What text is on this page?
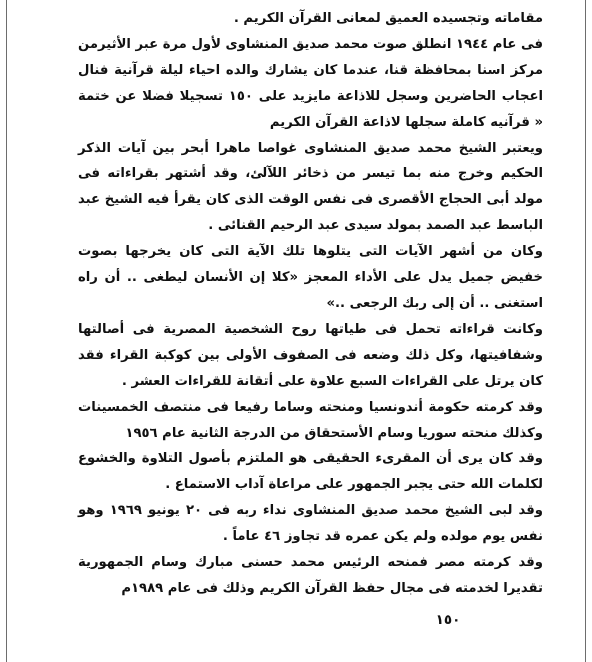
مقاماته وتجسيده العميق لمعانى القرآن الكريم .

فى عام ١٩٤٤ انطلق صوت محمد صديق المنشاوى لأول مرة عبر الأثيرمن مركز اسنا بمحافظة قنا، عندما كان يشارك والده احياء ليلة قرآنية فنال اعجاب الحاضرين وسجل للاذاعة مايزيد على ١٥٠ تسجيلا فضلا عن ختمة « قرآنيه كاملة سجلها لاذاعة القرآن الكريم

ويعتبر الشيخ محمد صديق المنشاوى غواصا ماهرا أبحر بين آيات الذكر الحكيم وخرج منه بما تيسر من ذخائر اللآلئ، وقد أشتهر بقراءاته فى مولد أبى الحجاج الأقصرى فى نفس الوقت الذى كان يقرأ فيه الشيخ عبد الباسط عبد الصمد بمولد سيدى عبد الرحيم القنائى .

وكان من أشهر الآيات التى يتلوها تلك الآية التى كان يخرجها بصوت خفيض جميل يدل على الأداء المعجز «كلا إن الأنسان ليطغى .. أن راه استغنى .. أن إلى ربك الرجعى ..»

وكانت قراءاته تحمل فى طياتها روح الشخصية المصرية فى أصالتها وشفافيتها، وكل ذلك وضعه فى الصفوف الأولى بين كوكبة القراء فقد كان يرتل على القراءات السبع علاوة على أتقانة للقراءات العشر .

وقد كرمته حكومة أندونسيا ومنحته وساما رفيعا فى منتصف الخمسينات وكذلك منحته سوريا وسام الأستحقاق من الدرجة الثانية عام ١٩٥٦

وقد كان يرى أن المقرىء الحقيقى هو الملتزم بأصول التلاوة والخشوع لكلمات الله حتى يجبر الجمهور على مراعاة آداب الاستماع .

وقد لبى الشيخ محمد صديق المنشاوى نداء ربه فى ٢٠ يونيو ١٩٦٩ وهو نفس يوم مولده ولم يكن عمره قد تجاوز ٤٦ عاماً .

وقد كرمته مصر فمنحه الرئيس محمد حسنى مبارك وسام الجمهورية تقديرا لخدمته فى مجال حفظ القرآن الكريم وذلك فى عام ١٩٨٩م

١٥٠
